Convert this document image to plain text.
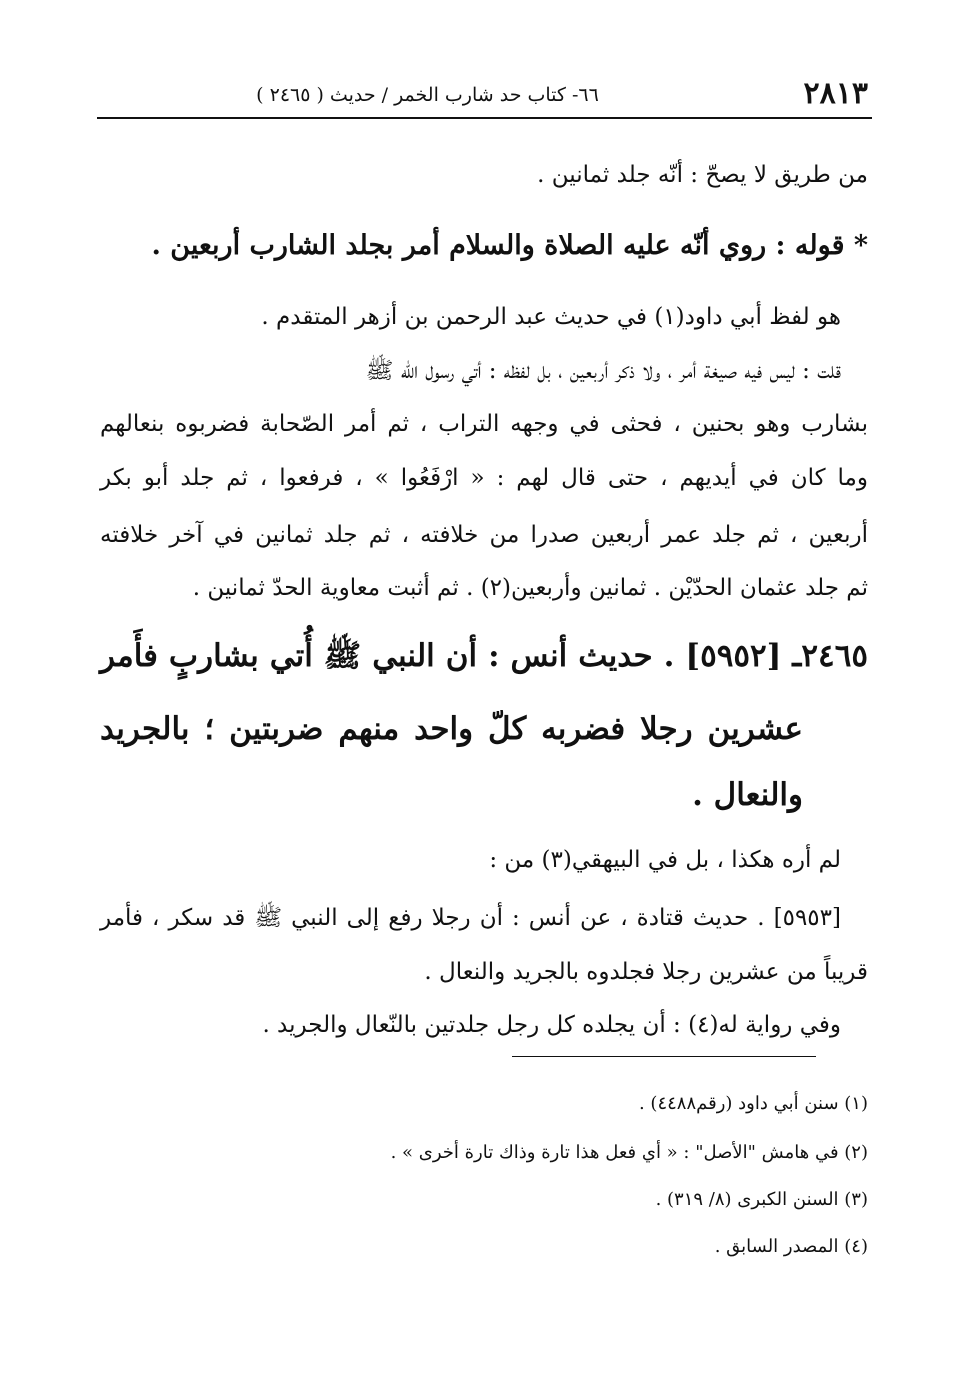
٢٨١٣
٦٦- كتاب حد شارب الخمر / حديث ( ٢٤٦٥ )
من طريق لا يصحّ : أنّه جلد ثمانين .
* قوله : روي أنّه عليه الصلاة والسلام أمر بجلد الشارب أربعين .
هو لفظ أبي داود(١) في حديث عبد الرحمن بن أزهر المتقدم .
قلت : ليس فيه صيغة أمر ، ولا ذكر أربعين ، بل لفظه : أتي رسول الله ﷺ
بشارب وهو بحنين ، فحثى في وجهه التراب ، ثم أمر الصّحابة فضربوه بنعالهم
وما كان في أيديهم ، حتى قال لهم : « ارْفَعُوا » ، فرفعوا ، ثم جلد أبو بكر
أربعين ، ثم جلد عمر أربعين صدرا من خلافته ، ثم جلد ثمانين في آخر خلافته
ثم جلد عثمان الحدّيْن . ثمانين وأربعين(٢) . ثم أثبت معاوية الحدّ ثمانين .
٢٤٦٥ـ [٥٩٥٢] . حديث أنس : أن النبي ﷺ أُتي بشاربٍ فأَمر
عشرين رجلا فضربه كلّ واحد منهم ضربتين ؛ بالجريد
والنعال .
لم أره هكذا ، بل في البيهقي(٣) من :
[٥٩٥٣] . حديث قتادة ، عن أنس : أن رجلا رفع إلى النبي ﷺ قد سكر ، فأمر
قريباً من عشرين رجلا فجلدوه بالجريد والنعال .
وفي رواية له(٤) : أن يجلده كل رجل جلدتين بالنّعال والجريد .
(١) سنن أبي داود (رقم٤٤٨٨) .
(٢) في هامش "الأصل" : « أي فعل هذا تارة وذاك تارة أخرى » .
(٣) السنن الكبرى (٨/ ٣١٩) .
(٤) المصدر السابق .
